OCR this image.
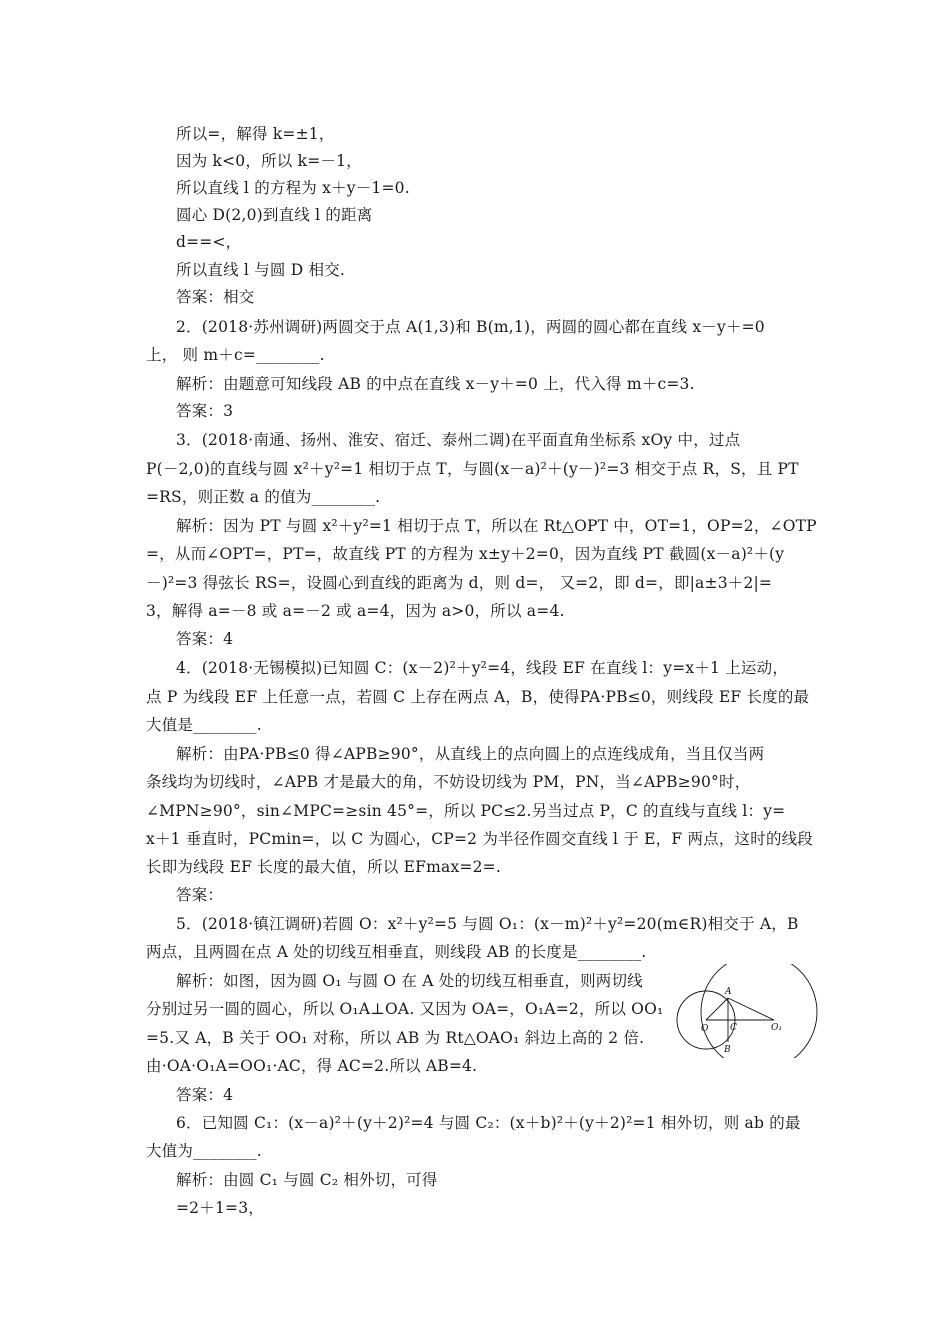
所以=，解得 k=±1，
因为 k<0，所以 k=－1，
所以直线 l 的方程为 x＋y－1=0.
圆心 D(2,0)到直线 l 的距离
d==<，
所以直线 l 与圆 D 相交.
答案：相交
2．(2018·苏州调研)两圆交于点 A(1,3)和 B(m,1)，两圆的圆心都在直线 x－y＋=0
上， 则 m＋c=________.
解析：由题意可知线段 AB 的中点在直线 x－y＋=0 上，代入得 m＋c=3.
答案：3
3．(2018·南通、扬州、淮安、宿迁、泰州二调)在平面直角坐标系 xOy 中，过点
P(－2,0)的直线与圆 x²＋y²=1 相切于点 T，与圆(x－a)²＋(y－)²=3 相交于点 R，S，且 PT
=RS，则正数 a 的值为________.
解析：因为 PT 与圆 x²＋y²=1 相切于点 T，所以在 Rt△OPT 中，OT=1，OP=2，∠OTP
=，从而∠OPT=，PT=，故直线 PT 的方程为 x±y＋2=0，因为直线 PT 截圆(x－a)²＋(y
－)²=3 得弦长 RS=，设圆心到直线的距离为 d，则 d=， 又=2，即 d=，即|a±3＋2|=
3，解得 a=－8 或 a=－2 或 a=4，因为 a>0，所以 a=4.
答案：4
4．(2018·无锡模拟)已知圆 C：(x－2)²＋y²=4，线段 EF 在直线 l：y=x＋1 上运动，
点 P 为线段 EF 上任意一点，若圆 C 上存在两点 A，B，使得PA·PB≤0，则线段 EF 长度的最
大值是________.
解析：由PA·PB≤0 得∠APB≥90°，从直线上的点向圆上的点连线成角，当且仅当两
条线均为切线时，∠APB 才是最大的角，不妨设切线为 PM，PN，当∠APB≥90°时，
∠MPN≥90°，sin∠MPC=≥sin 45°=，所以 PC≤2.另当过点 P，C 的直线与直线 l：y=
x＋1 垂直时，PCmin=，以 C 为圆心，CP=2 为半径作圆交直线 l 于 E，F 两点，这时的线段
长即为线段 EF 长度的最大值，所以 EFmax=2=.
答案：
5．(2018·镇江调研)若圆 O：x²＋y²=5 与圆 O₁：(x－m)²＋y²=20(m∈R)相交于 A，B
两点，且两圆在点 A 处的切线互相垂直，则线段 AB 的长度是________.
解析：如图，因为圆 O₁ 与圆 O 在 A 处的切线互相垂直，则两切线
分别过另一圆的圆心，所以 O₁A⊥OA. 又因为 OA=，O₁A=2，所以 OO₁
=5.又 A，B 关于 OO₁ 对称，所以 AB 为 Rt△OAO₁ 斜边上高的 2 倍.
由·OA·O₁A=OO₁·AC，得 AC=2.所以 AB=4.
答案：4
6．已知圆 C₁：(x－a)²＋(y＋2)²=4 与圆 C₂：(x＋b)²＋(y＋2)²=1 相外切，则 ab 的最
大值为________.
解析：由圆 C₁ 与圆 C₂ 相外切，可得
=2＋1=3，
A
O C	O₁
B
